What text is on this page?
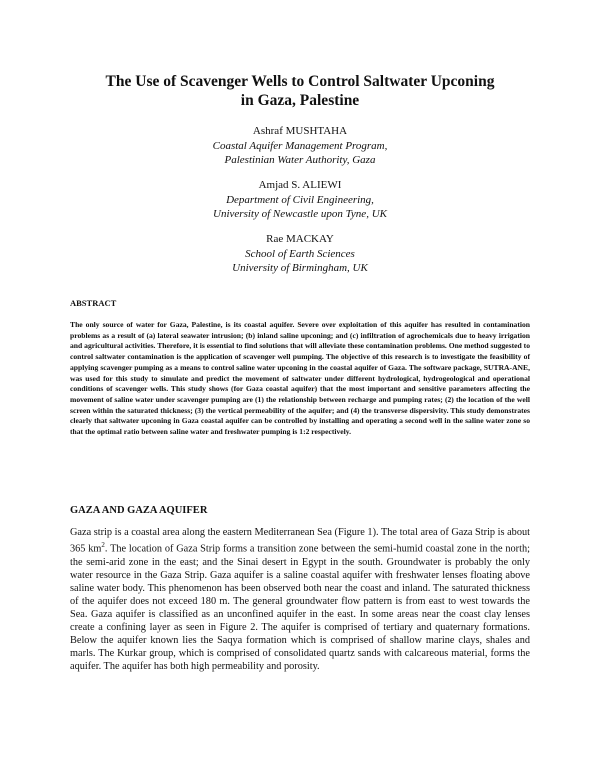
The Use of Scavenger Wells to Control Saltwater Upconing
in Gaza, Palestine
Ashraf MUSHTAHA
Coastal Aquifer Management Program,
Palestinian Water Authority, Gaza
Amjad S. ALIEWI
Department of Civil Engineering,
University of Newcastle upon Tyne, UK
Rae MACKAY
School of Earth Sciences
University of Birmingham, UK
ABSTRACT

The only source of water for Gaza, Palestine, is its coastal aquifer. Severe over exploitation of this aquifer has resulted in contamination problems as a result of (a) lateral seawater intrusion; (b) inland saline upconing; and (c) infiltration of agrochemicals due to heavy irrigation and agricultural activities. Therefore, it is essential to find solutions that will alleviate these contamination problems. One method suggested to control saltwater contamination is the application of scavenger well pumping. The objective of this research is to investigate the feasibility of applying scavenger pumping as a means to control saline water upconing in the coastal aquifer of Gaza. The software package, SUTRA-ANE, was used for this study to simulate and predict the movement of saltwater under different hydrological, hydrogeological and operational conditions of scavenger wells. This study shows (for Gaza coastal aquifer) that the most important and sensitive parameters affecting the movement of saline water under scavenger pumping are (1) the relationship between recharge and pumping rates; (2) the location of the well screen within the saturated thickness; (3) the vertical permeability of the aquifer; and (4) the transverse dispersivity. This study demonstrates clearly that saltwater upconing in Gaza coastal aquifer can be controlled by installing and operating a second well in the saline water zone so that the optimal ratio between saline water and freshwater pumping is 1:2 respectively.

GAZA AND GAZA AQUIFER

Gaza strip is a coastal area along the eastern Mediterranean Sea (Figure 1). The total area of Gaza Strip is about 365 $km^2$. The location of Gaza Strip forms a transition zone between the semi-humid coastal zone in the north; the semi-arid zone in the east; and the Sinai desert in Egypt in the south. Groundwater is probably the only water resource in the Gaza Strip. Gaza aquifer is a saline coastal aquifer with freshwater lenses floating above saline water body. This phenomenon has been observed both near the coast and inland. The saturated thickness of the aquifer does not exceed 180 m. The general groundwater flow pattern is from east to west towards the Sea. Gaza aquifer is classified as an unconfined aquifer in the east. In some areas near the coast clay lenses create a confining layer as seen in Figure 2. The aquifer is comprised of tertiary and quaternary formations. Below the aquifer known lies the Saqya formation which is comprised of shallow marine clays, shales and marls. The Kurkar group, which is comprised of consolidated quartz sands with calcareous material, forms the aquifer. The aquifer has both high permeability and porosity.
